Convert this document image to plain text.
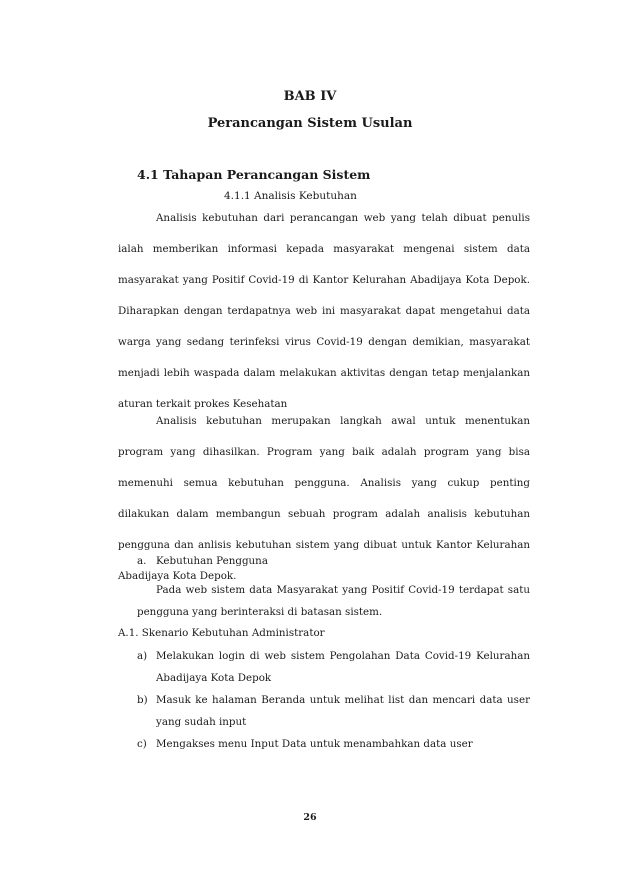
BAB IV

Perancangan Sistem Usulan

4.1 Tahapan Perancangan Sistem

4.1.1 Analisis Kebutuhan

Analisis kebutuhan dari perancangan web yang telah dibuat penulis ialah memberikan informasi kepada masyarakat mengenai sistem data masyarakat yang Positif Covid-19 di Kantor Kelurahan Abadijaya Kota Depok. Diharapkan dengan terdapatnya web ini masyarakat dapat mengetahui data warga yang sedang terinfeksi virus Covid-19 dengan demikian, masyarakat menjadi lebih waspada dalam melakukan aktivitas dengan tetap menjalankan aturan terkait prokes Kesehatan

Analisis kebutuhan merupakan langkah awal untuk menentukan program yang dihasilkan. Program yang baik adalah program yang bisa memenuhi semua kebutuhan pengguna. Analisis yang cukup penting dilakukan dalam membangun sebuah program adalah analisis kebutuhan pengguna dan anlisis kebutuhan sistem yang dibuat untuk Kantor Kelurahan Abadijaya Kota Depok.

a. Kebutuhan Pengguna

Pada web sistem data Masyarakat yang Positif Covid-19 terdapat satu pengguna yang berinteraksi di batasan sistem.

A.1. Skenario Kebutuhan Administrator

a) Melakukan login di web sistem Pengolahan Data Covid-19 Kelurahan Abadijaya Kota Depok
b) Masuk ke halaman Beranda untuk melihat list dan mencari data user yang sudah input
c) Mengakses menu Input Data untuk menambahkan data user

26
